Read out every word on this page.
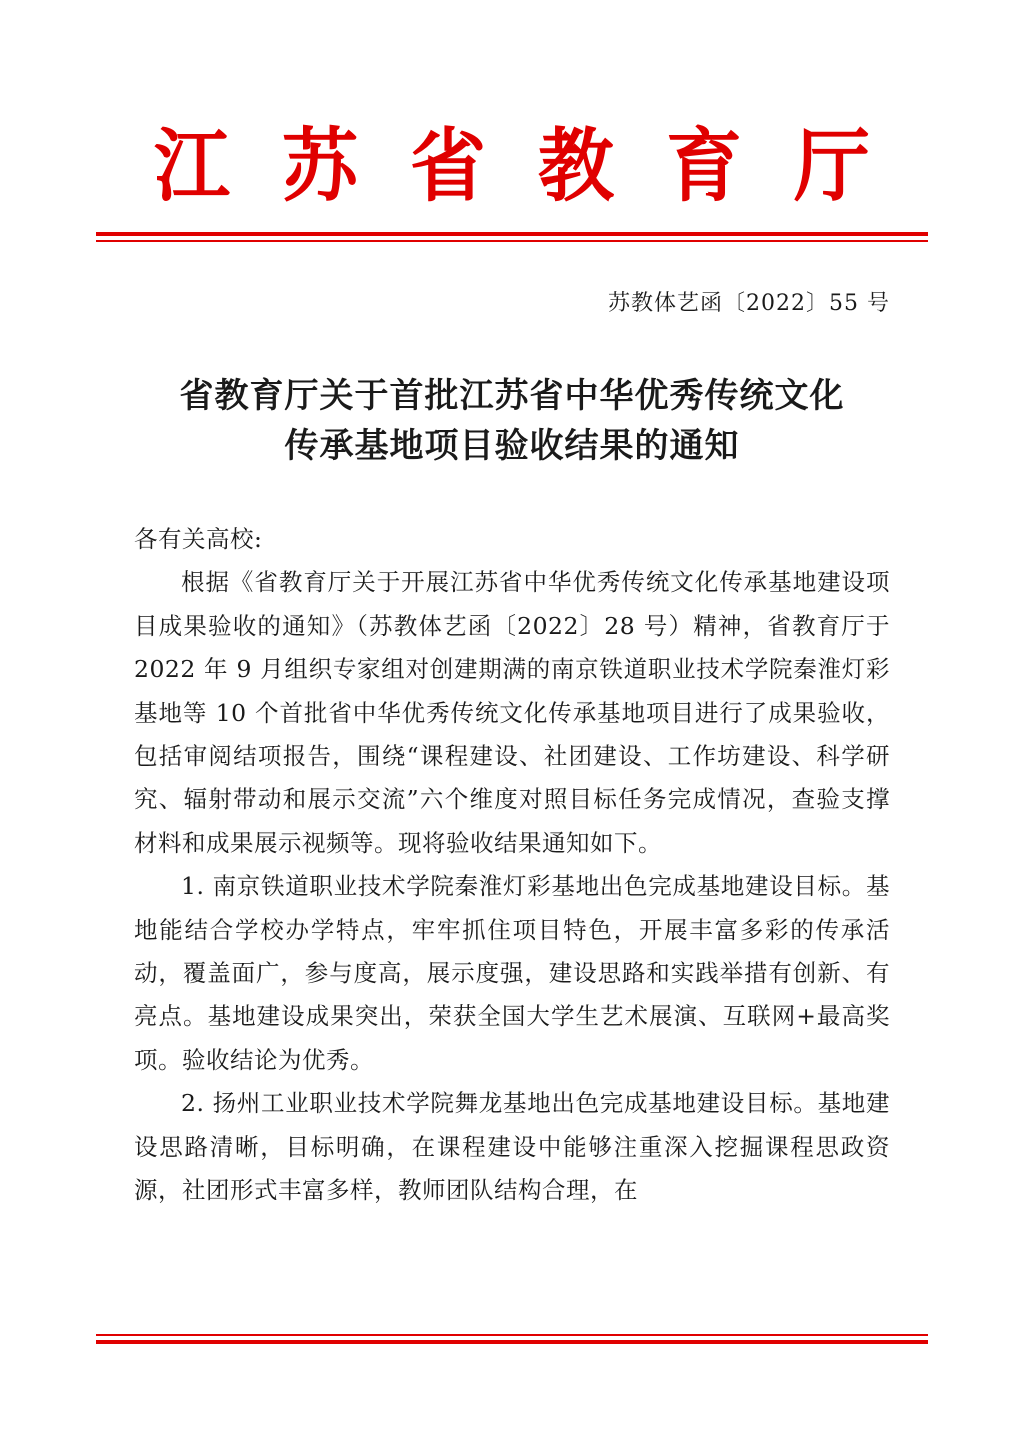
江 苏 省 教 育 厅
苏教体艺函〔2022〕55 号
省教育厅关于首批江苏省中华优秀传统文化
传承基地项目验收结果的通知

各有关高校:

根据《省教育厅关于开展江苏省中华优秀传统文化传承基地建设项目成果验收的通知》（苏教体艺函〔2022〕28 号）精神，省教育厅于 2022 年 9 月组织专家组对创建期满的南京铁道职业技术学院秦淮灯彩基地等 10 个首批省中华优秀传统文化传承基地项目进行了成果验收，包括审阅结项报告，围绕“课程建设、社团建设、工作坊建设、科学研究、辐射带动和展示交流”六个维度对照目标任务完成情况，查验支撑材料和成果展示视频等。现将验收结果通知如下。

1. 南京铁道职业技术学院秦淮灯彩基地出色完成基地建设目标。基地能结合学校办学特点，牢牢抓住项目特色，开展丰富多彩的传承活动，覆盖面广，参与度高，展示度强，建设思路和实践举措有创新、有亮点。基地建设成果突出，荣获全国大学生艺术展演、互联网+最高奖项。验收结论为优秀。

2. 扬州工业职业技术学院舞龙基地出色完成基地建设目标。基地建设思路清晰，目标明确，在课程建设中能够注重深入挖掘课程思政资源，社团形式丰富多样，教师团队结构合理，在
